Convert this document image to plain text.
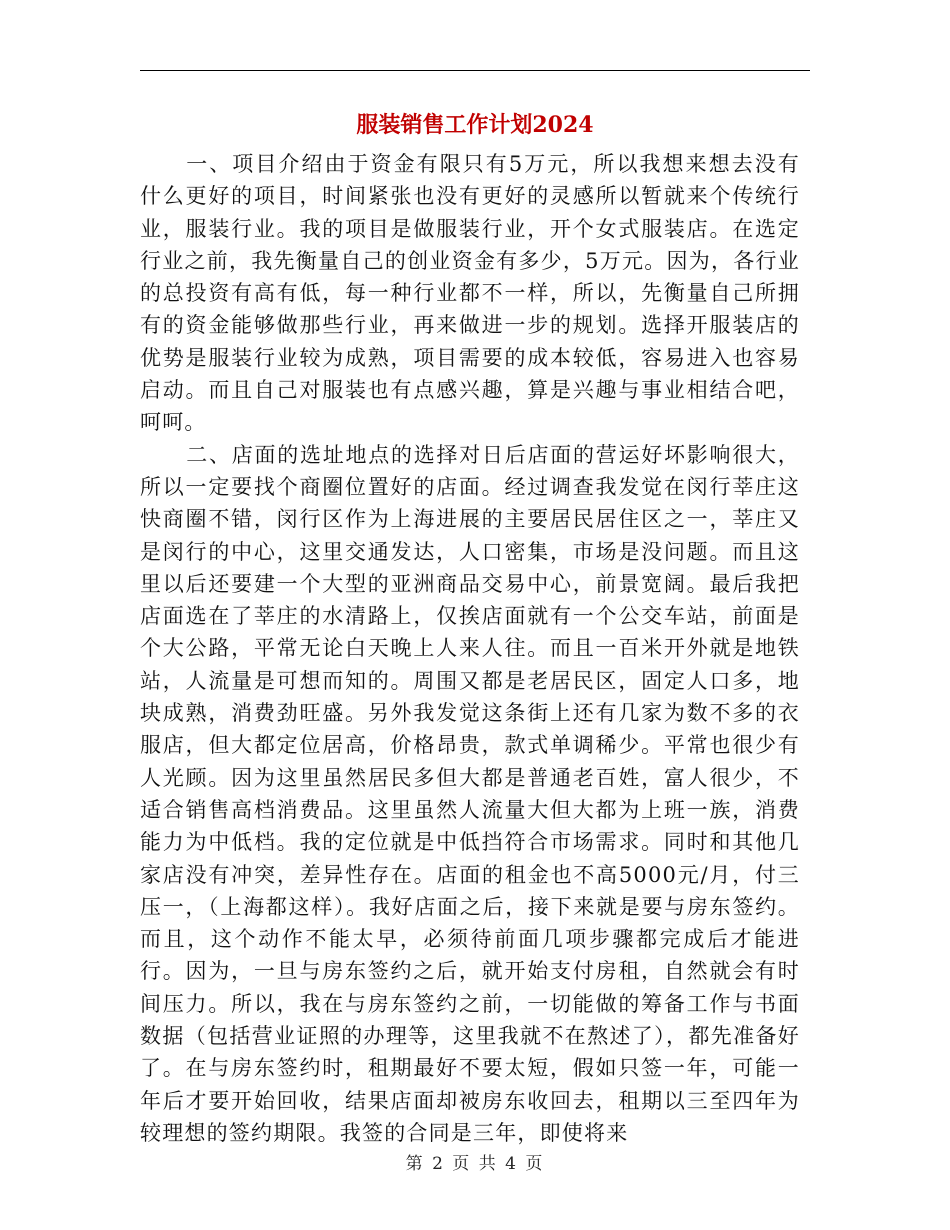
服装销售工作计划2024

一、项目介绍由于资金有限只有5万元，所以我想来想去没有什么更好的项目，时间紧张也没有更好的灵感所以暂就来个传统行业，服装行业。我的项目是做服装行业，开个女式服装店。在选定行业之前，我先衡量自己的创业资金有多少，5万元。因为，各行业的总投资有高有低，每一种行业都不一样，所以，先衡量自己所拥有的资金能够做那些行业，再来做进一步的规划。选择开服装店的优势是服装行业较为成熟，项目需要的成本较低，容易进入也容易启动。而且自己对服装也有点感兴趣，算是兴趣与事业相结合吧，呵呵。

二、店面的选址地点的选择对日后店面的营运好坏影响很大，所以一定要找个商圈位置好的店面。经过调查我发觉在闵行莘庄这快商圈不错，闵行区作为上海进展的主要居民居住区之一，莘庄又是闵行的中心，这里交通发达，人口密集，市场是没问题。而且这里以后还要建一个大型的亚洲商品交易中心，前景宽阔。最后我把店面选在了莘庄的水清路上，仅挨店面就有一个公交车站，前面是个大公路，平常无论白天晚上人来人往。而且一百米开外就是地铁站，人流量是可想而知的。周围又都是老居民区，固定人口多，地块成熟，消费劲旺盛。另外我发觉这条街上还有几家为数不多的衣服店，但大都定位居高，价格昂贵，款式单调稀少。平常也很少有人光顾。因为这里虽然居民多但大都是普通老百姓，富人很少，不适合销售高档消费品。这里虽然人流量大但大都为上班一族，消费能力为中低档。我的定位就是中低挡符合市场需求。同时和其他几家店没有冲突，差异性存在。店面的租金也不高5000元/月，付三压一，（上海都这样）。我好店面之后，接下来就是要与房东签约。而且，这个动作不能太早，必须待前面几项步骤都完成后才能进行。因为，一旦与房东签约之后，就开始支付房租，自然就会有时间压力。所以，我在与房东签约之前，一切能做的筹备工作与书面数据（包括营业证照的办理等，这里我就不在熬述了），都先准备好了。在与房东签约时，租期最好不要太短，假如只签一年，可能一年后才要开始回收，结果店面却被房东收回去，租期以三至四年为较理想的签约期限。我签的合同是三年，即使将来

第 2 页 共 4 页
